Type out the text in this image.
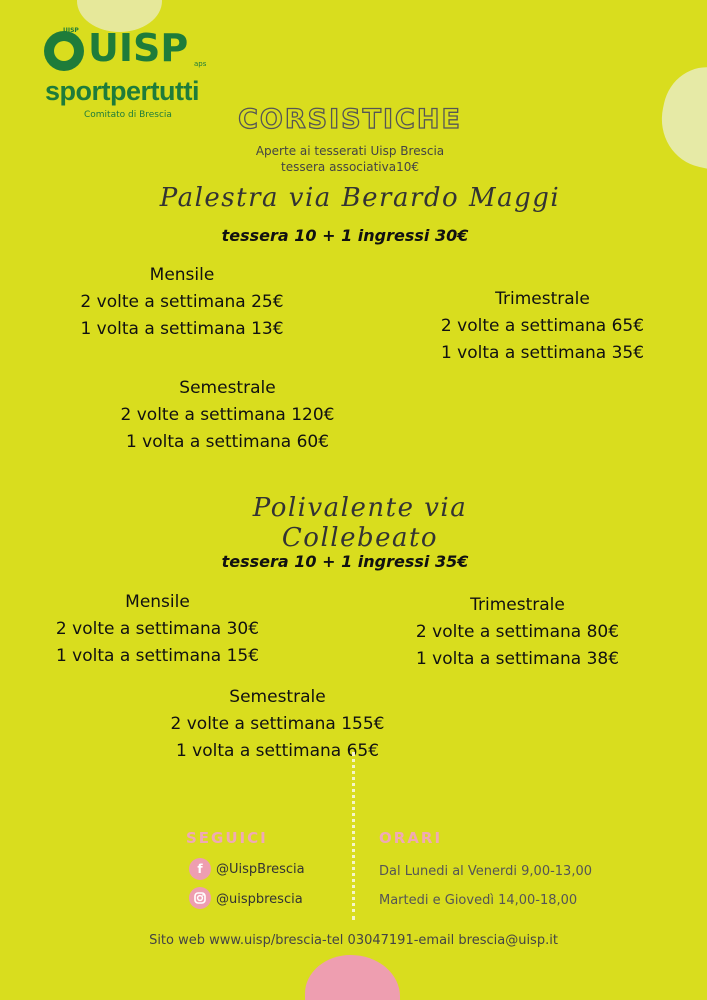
UISP UISP aps
sportpertutti
Comitato di Brescia	CORSISTICHE
Aperte ai tesserati Uisp Brescia
tessera associativa10€
Palestra via Berardo Maggi
tessera 10 + 1 ingressi 30€
Mensile
2 volte a settimana 25€
1 volta a settimana 13€
Trimestrale
2 volte a settimana 65€
1 volta a settimana 35€
Semestrale
2 volte a settimana 120€
1 volta a settimana 60€
Polivalente via Collebeato
tessera 10 + 1 ingressi 35€
Mensile
2 volte a settimana 30€
1 volta a settimana 15€
Trimestrale
2 volte a settimana 80€
1 volta a settimana 38€
Semestrale
2 volte a settimana 155€
1 volta a settimana 65€
SEGUICI
f	@UispBrescia
@uispbrescia
ORARI
Dal Lunedi al Venerdi 9,00-13,00
Martedi e Giovedì 14,00-18,00
Sito web www.uisp/brescia-tel 03047191-email brescia@uisp.it
